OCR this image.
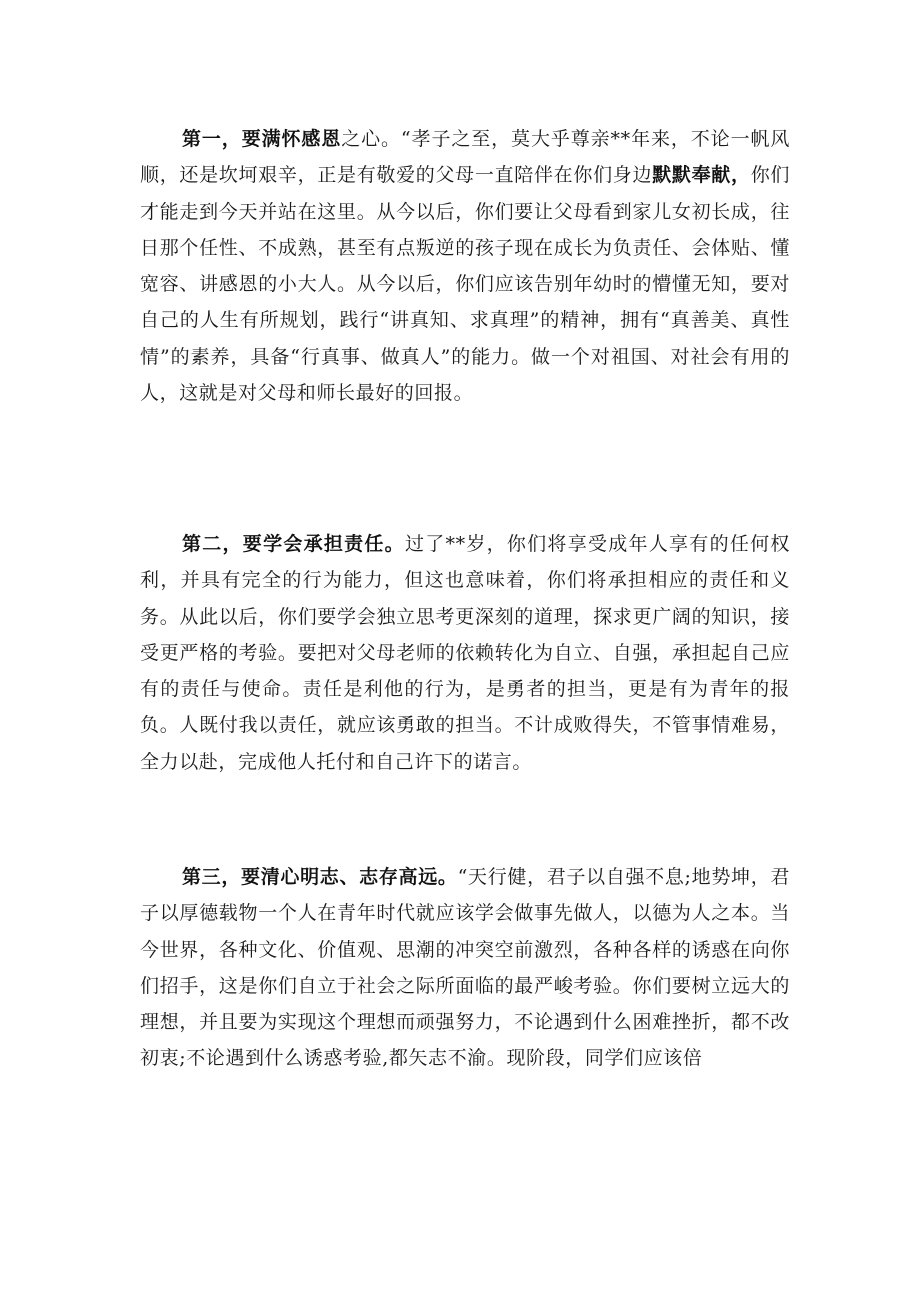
第一，要满怀感恩之心。“孝子之至，莫大乎尊亲**年来，不论一帆风顺，还是坎坷艰辛，正是有敬爱的父母一直陪伴在你们身边默默奉献，你们才能走到今天并站在这里。从今以后，你们要让父母看到家儿女初长成，往日那个任性、不成熟，甚至有点叛逆的孩子现在成长为负责任、会体贴、懂宽容、讲感恩的小大人。从今以后，你们应该告别年幼时的懵懂无知，要对自己的人生有所规划，践行“讲真知、求真理”的精神，拥有“真善美、真性情”的素养，具备“行真事、做真人”的能力。做一个对祖国、对社会有用的人，这就是对父母和师长最好的回报。

第二，要学会承担责任。过了**岁，你们将享受成年人享有的任何权利，并具有完全的行为能力，但这也意味着，你们将承担相应的责任和义务。从此以后，你们要学会独立思考更深刻的道理，探求更广阔的知识，接受更严格的考验。要把对父母老师的依赖转化为自立、自强，承担起自己应有的责任与使命。责任是利他的行为，是勇者的担当，更是有为青年的报负。人既付我以责任，就应该勇敢的担当。不计成败得失，不管事情难易，全力以赴，完成他人托付和自己许下的诺言。

第三，要清心明志、志存高远。“天行健，君子以自强不息;地势坤，君子以厚德载物一个人在青年时代就应该学会做事先做人，以德为人之本。当今世界，各种文化、价值观、思潮的冲突空前激烈，各种各样的诱惑在向你们招手，这是你们自立于社会之际所面临的最严峻考验。你们要树立远大的理想，并且要为实现这个理想而顽强努力，不论遇到什么困难挫折，都不改初衷;不论遇到什么诱惑考验,都矢志不渝。现阶段，同学们应该倍
